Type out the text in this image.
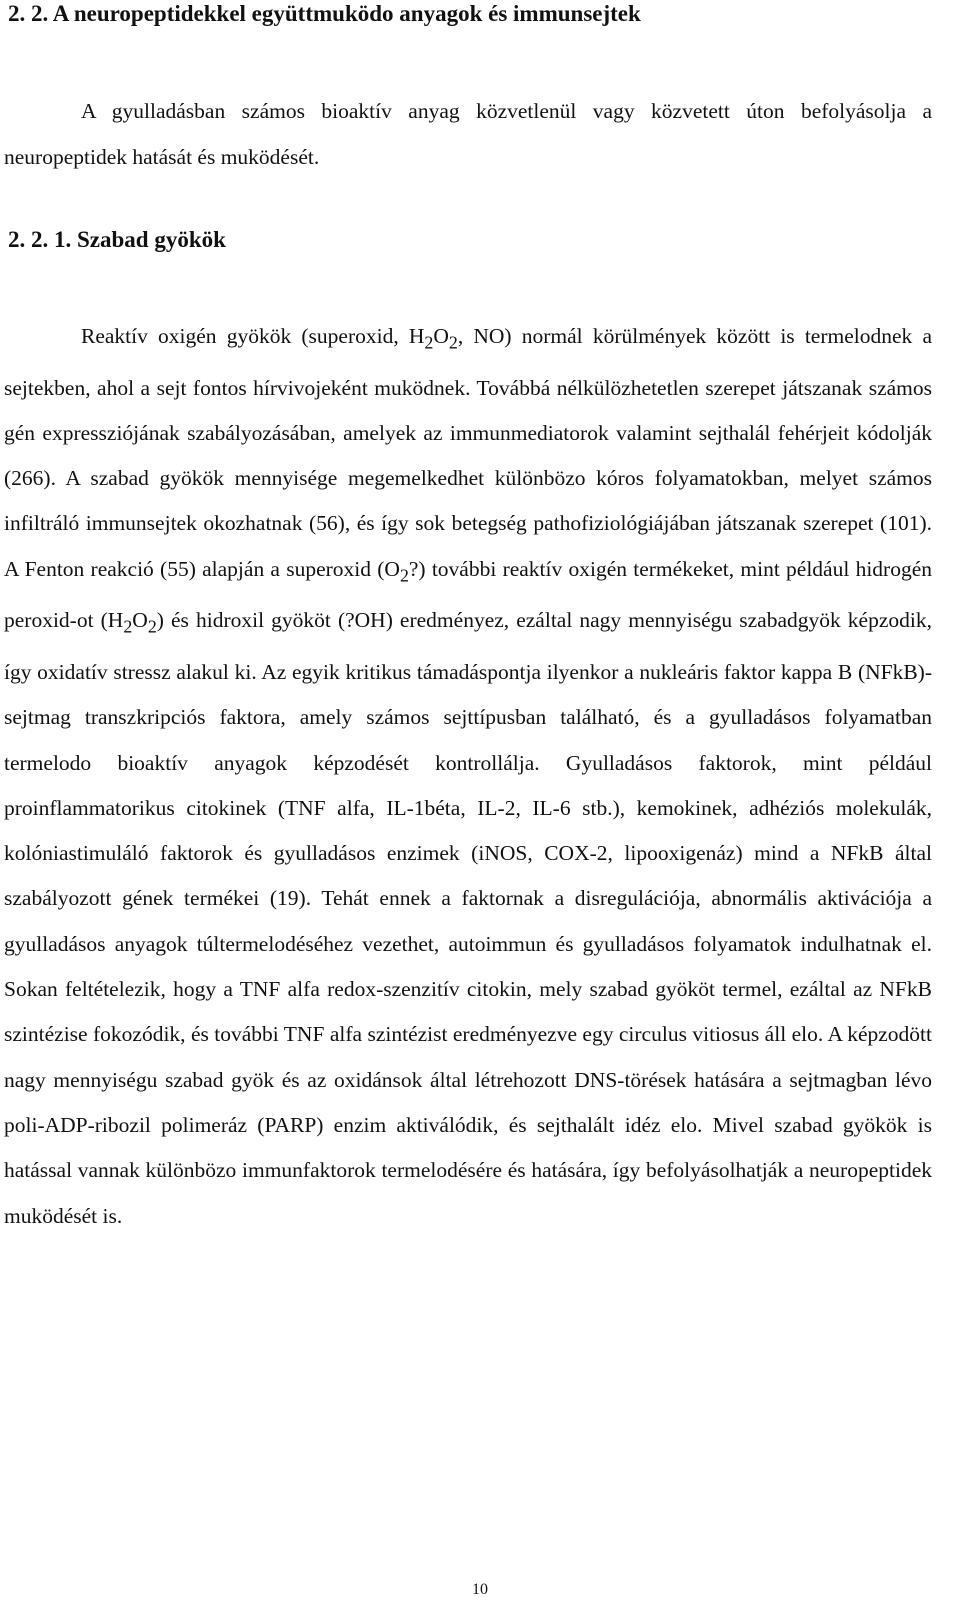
2. 2. A neuropeptidekkel együttmuködo anyagok és immunsejtek

A gyulladásban számos bioaktív anyag közvetlenül vagy közvetett úton befolyásolja a neuropeptidek hatását és muködését.

2. 2. 1. Szabad gyökök

Reaktív oxigén gyökök (superoxid, $H_2O_2$, NO) normál körülmények között is termelodnek a sejtekben, ahol a sejt fontos hírvivojeként muködnek. Továbbá nélkülözhetetlen szerepet játszanak számos gén expressziójának szabályozásában, amelyek az immunmediatorok valamint sejthalál fehérjeit kódolják (266). A szabad gyökök mennyisége megemelkedhet különbözo kóros folyamatokban, melyet számos infiltráló immunsejtek okozhatnak (56), és így sok betegség pathofiziológiájában játszanak szerepet (101). A Fenton reakció (55) alapján a superoxid $(O_2?)$ további reaktív oxigén termékeket, mint például hidrogén peroxid-ot $(H_2O_2)$ és hidroxil gyököt (?OH) eredményez, ezáltal nagy mennyiségu szabadgyök képzodik, így oxidatív stressz alakul ki. Az egyik kritikus támadáspontja ilyenkor a nukleáris faktor kappa B (NFkB)- sejtmag transzkripciós faktora, amely számos sejttípusban található, és a gyulladásos folyamatban termelodo bioaktív anyagok képzodését kontrollálja. Gyulladásos faktorok, mint például proinflammatorikus citokinek (TNF alfa, IL-1béta, IL-2, IL-6 stb.), kemokinek, adhéziós molekulák, kolóniastimuláló faktorok és gyulladásos enzimek (iNOS, COX-2, lipooxigenáz) mind a NFkB által szabályozott gének termékei (19). Tehát ennek a faktornak a disregulációja, abnormális aktivációja a gyulladásos anyagok túltermelodéséhez vezethet, autoimmun és gyulladásos folyamatok indulhatnak el. Sokan feltételezik, hogy a TNF alfa redox-szenzitív citokin, mely szabad gyököt termel, ezáltal az NFkB szintézise fokozódik, és további TNF alfa szintézist eredményezve egy circulus vitiosus áll elo. A képzodött nagy mennyiségu szabad gyök és az oxidánsok által létrehozott DNS-törések hatására a sejtmagban lévo poli-ADP-ribozil polimeráz (PARP) enzim aktiválódik, és sejthalált idéz elo. Mivel szabad gyökök is hatással vannak különbözo immunfaktorok termelodésére és hatására, így befolyásolhatják a neuropeptidek muködését is.

10
